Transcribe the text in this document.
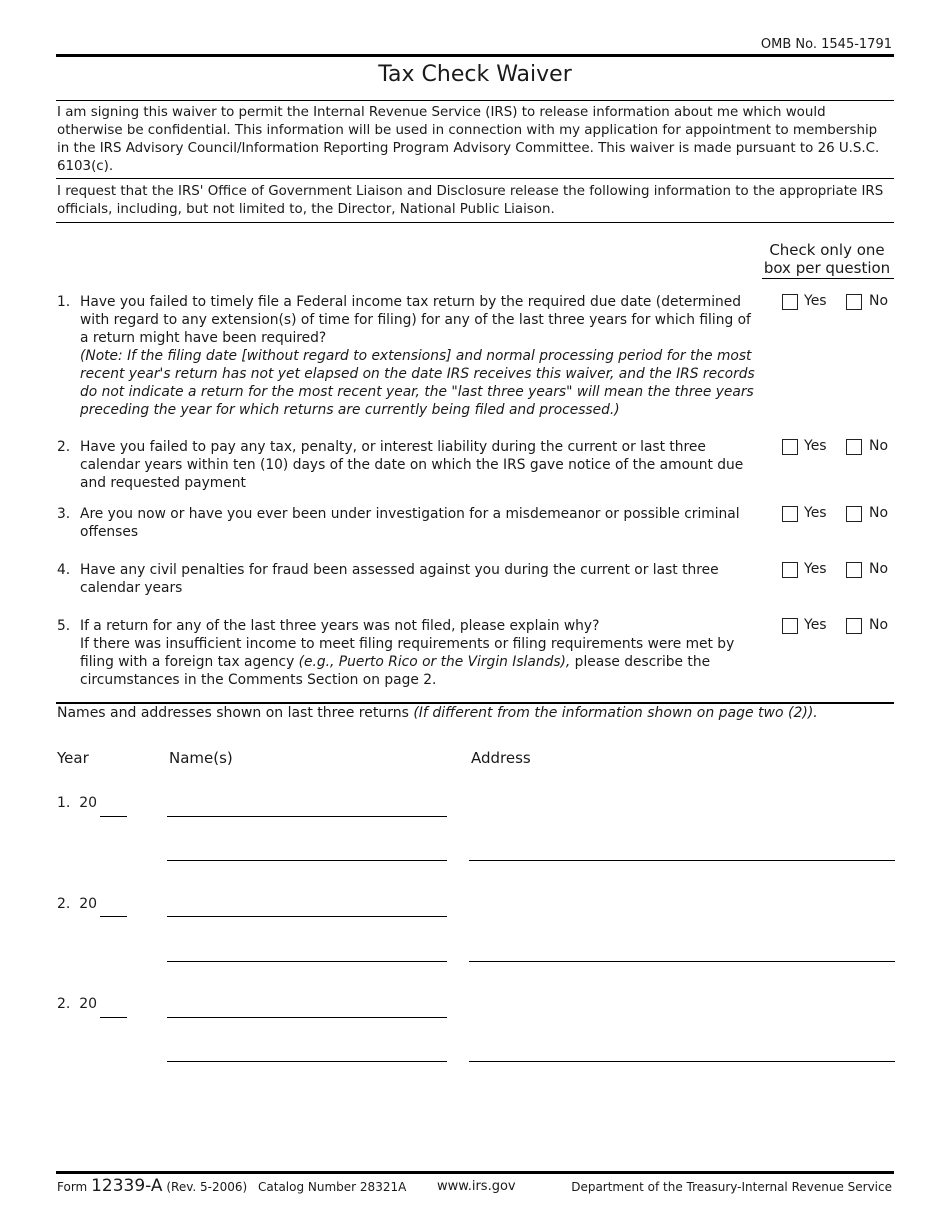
OMB No. 1545-1791
Tax Check Waiver
I am signing this waiver to permit the Internal Revenue Service (IRS) to release information about me which would otherwise be confidential. This information will be used in connection with my application for appointment to membership in the IRS Advisory Council/Information Reporting Program Advisory Committee. This waiver is made pursuant to 26 U.S.C. 6103(c).
I request that the IRS' Office of Government Liaison and Disclosure release the following information to the appropriate IRS officials, including, but not limited to, the Director, National Public Liaison.
Check only one box per question
1. Have you failed to timely file a Federal income tax return by the required due date (determined with regard to any extension(s) of time for filing) for any of the last three years for which filing of a return might have been required?
(Note: If the filing date [without regard to extensions] and normal processing period for the most recent year's return has not yet elapsed on the date IRS receives this waiver, and the IRS records do not indicate a return for the most recent year, the "last three years" will mean the three years preceding the year for which returns are currently being filed and processed.)
Yes	No
2. Have you failed to pay any tax, penalty, or interest liability during the current or last three calendar years within ten (10) days of the date on which the IRS gave notice of the amount due and requested payment
Yes	No
3. Are you now or have you ever been under investigation for a misdemeanor or possible criminal offenses
Yes	No
4. Have any civil penalties for fraud been assessed against you during the current or last three calendar years
Yes	No
5. If a return for any of the last three years was not filed, please explain why?
If there was insufficient income to meet filing requirements or filing requirements were met by filing with a foreign tax agency (e.g., Puerto Rico or the Virgin Islands), please describe the circumstances in the Comments Section on page 2.
Yes	No
Names and addresses shown on last three returns (If different from the information shown on page two (2)).
Year	Name(s)	Address
1. 20
2. 20
2. 20
Form 12339-A (Rev. 5-2006) Catalog Number 28321A www.irs.gov	Department of the Treasury-Internal Revenue Service
